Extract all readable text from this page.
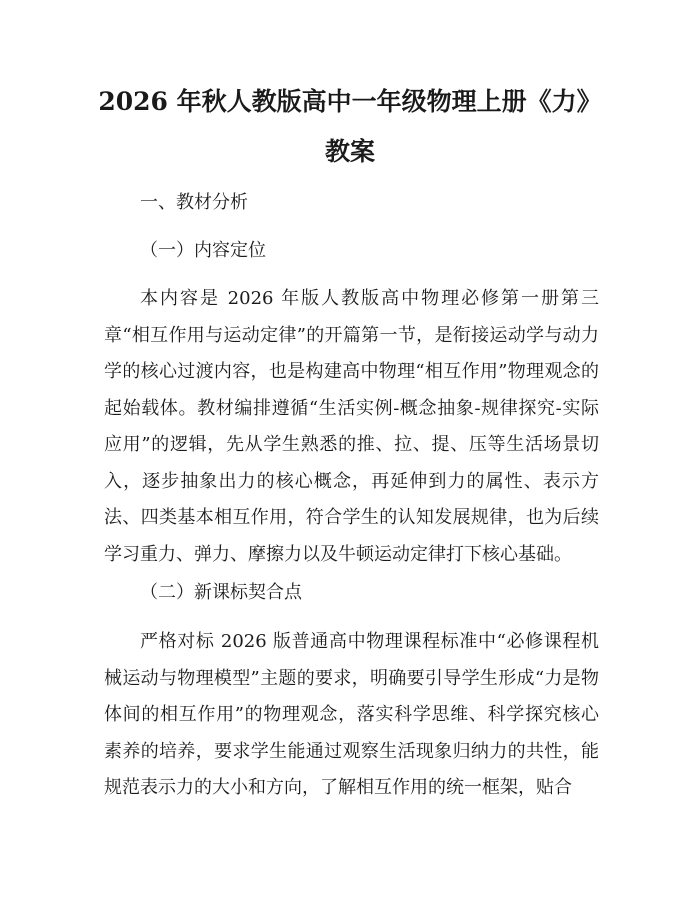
2026 年秋人教版高中一年级物理上册《力》
教案
一、教材分析
（一）内容定位

本内容是 2026 年版人教版高中物理必修第一册第三章“相互作用与运动定律”的开篇第一节，是衔接运动学与动力学的核心过渡内容，也是构建高中物理“相互作用”物理观念的起始载体。教材编排遵循“生活实例-概念抽象-规律探究-实际应用”的逻辑，先从学生熟悉的推、拉、提、压等生活场景切入，逐步抽象出力的核心概念，再延伸到力的属性、表示方法、四类基本相互作用，符合学生的认知发展规律，也为后续学习重力、弹力、摩擦力以及牛顿运动定律打下核心基础。

（二）新课标契合点

严格对标 2026 版普通高中物理课程标准中“必修课程机械运动与物理模型”主题的要求，明确要引导学生形成“力是物体间的相互作用”的物理观念，落实科学思维、科学探究核心素养的培养，要求学生能通过观察生活现象归纳力的共性，能规范表示力的大小和方向，了解相互作用的统一框架，贴合
